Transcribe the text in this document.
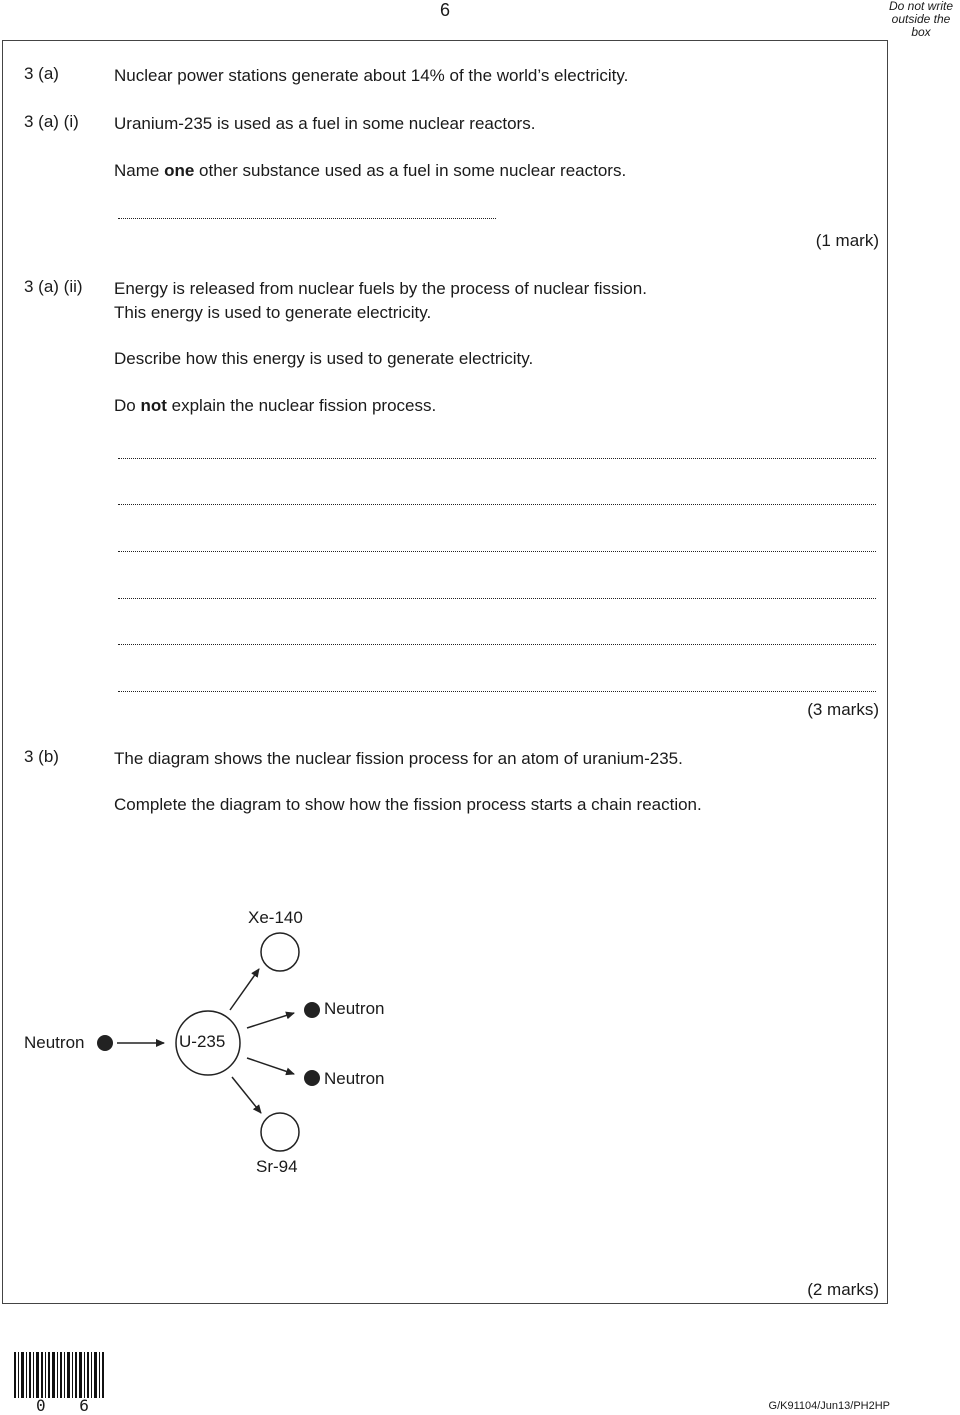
6	Do not write
outside the
box
3 (a)	Nuclear power stations generate about 14% of the world’s electricity.
3 (a) (i) Uranium-235 is used as a fuel in some nuclear reactors.
Name one other substance used as a fuel in some nuclear reactors.
(1 mark)
3 (a) (ii) Energy is released from nuclear fuels by the process of nuclear fission.
This energy is used to generate electricity.
Describe how this energy is used to generate electricity.
Do not explain the nuclear fission process.
(3 marks)
3 (b)	The diagram shows the nuclear fission process for an atom of uranium-235.
Complete the diagram to show how the fission process starts a chain reaction.
Neutron	U-235
Xe-140
Sr-94
Neutron
Neutron
(2 marks)
0 6	G/K91104/Jun13/PH2HP
